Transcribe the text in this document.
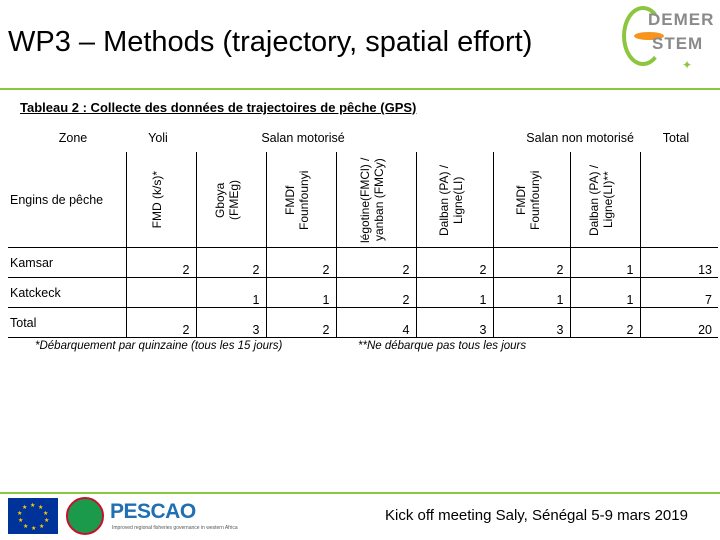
WP3 – Methods (trajectory, spatial effort)
DEMER
STEM
✦
Tableau 2 : Collecte des données de trajectoires de pêche (GPS)
Zone	Yoli	Salan motorisé			Salan non motorisé			Total
Engins de pêche	FMD (k/s)*	Gboya (FMEg)	FMDf Founfounyi	légotine(FMCl) / yanban (FMCy)	Dalban (PA) / Ligne(LI)	FMDf Founfounyi	Dalban (PA) / Ligne(LI)**	

Kamsar	2	2	2	2	2	2	1	13
Katckeck		1	1	2	1	1	1	7
Total	2	3	2	4	3	3	2	20
*Débarquement par quinzaine (tous les 15 jours)	**Ne débarque pas tous les jours
★ ★
★
★
★
★
★
★
★
★	PESCAO
Improved regional fisheries governance in western Africa
Kick off meeting Saly, Sénégal 5-9 mars 2019
